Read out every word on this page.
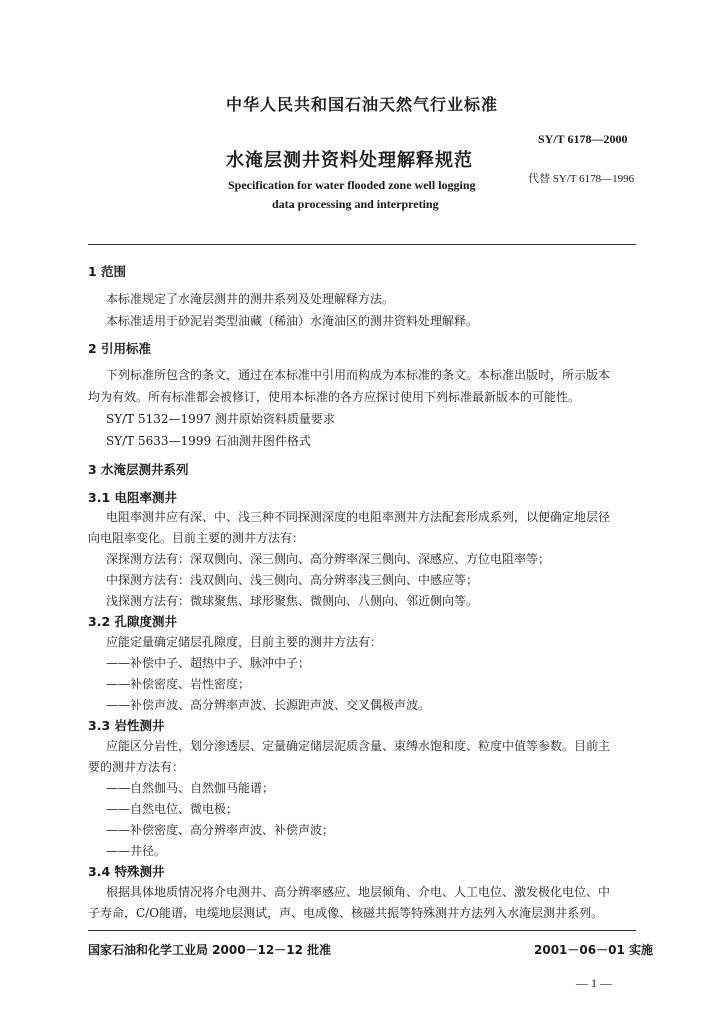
中华人民共和国石油天然气行业标准
SY/T 6178—2000
水淹层测井资料处理解释规范
代替 SY/T 6178—1996
Specification for water flooded zone well logging
data processing and interpreting
1 范围
本标准规定了水淹层测井的测井系列及处理解释方法。
本标准适用于砂泥岩类型油藏（稀油）水淹油区的测井资料处理解释。
2 引用标准
下列标准所包含的条文，通过在本标准中引用而构成为本标准的条文。本标准出版时，所示版本
均为有效。所有标准都会被修订，使用本标准的各方应探讨使用下列标准最新版本的可能性。
SY/T 5132—1997 测井原始资料质量要求
SY/T 5633—1999 石油测井图件格式
3 水淹层测井系列
3.1 电阻率测井
电阻率测井应有深、中、浅三种不同探测深度的电阻率测井方法配套形成系列，以便确定地层径
向电阻率变化。目前主要的测井方法有：
深探测方法有：深双侧向、深三侧向、高分辨率深三侧向、深感应、方位电阻率等；
中探测方法有：浅双侧向、浅三侧向、高分辨率浅三侧向、中感应等；
浅探测方法有：微球聚焦、球形聚焦、微侧向、八侧向、邻近侧向等。
3.2 孔隙度测井
应能定量确定储层孔隙度，目前主要的测井方法有：
——补偿中子、超热中子、脉冲中子；
——补偿密度、岩性密度；
——补偿声波、高分辨率声波、长源距声波、交叉偶极声波。
3.3 岩性测井
应能区分岩性，划分渗透层、定量确定储层泥质含量、束缚水饱和度、粒度中值等参数。目前主
要的测井方法有：
——自然伽马、自然伽马能谱；
——自然电位、微电极；
——补偿密度、高分辨率声波、补偿声波；
——井径。
3.4 特殊测井
根据具体地质情况将介电测井、高分辨率感应、地层倾角、介电、人工电位、激发极化电位、中
子寿命，C/O能谱，电缆地层测试，声、电成像、核磁共振等特殊测井方法列入水淹层测井系列。
国家石油和化学工业局 2000－12－12 批准	2001－06－01 实施
— 1 —
